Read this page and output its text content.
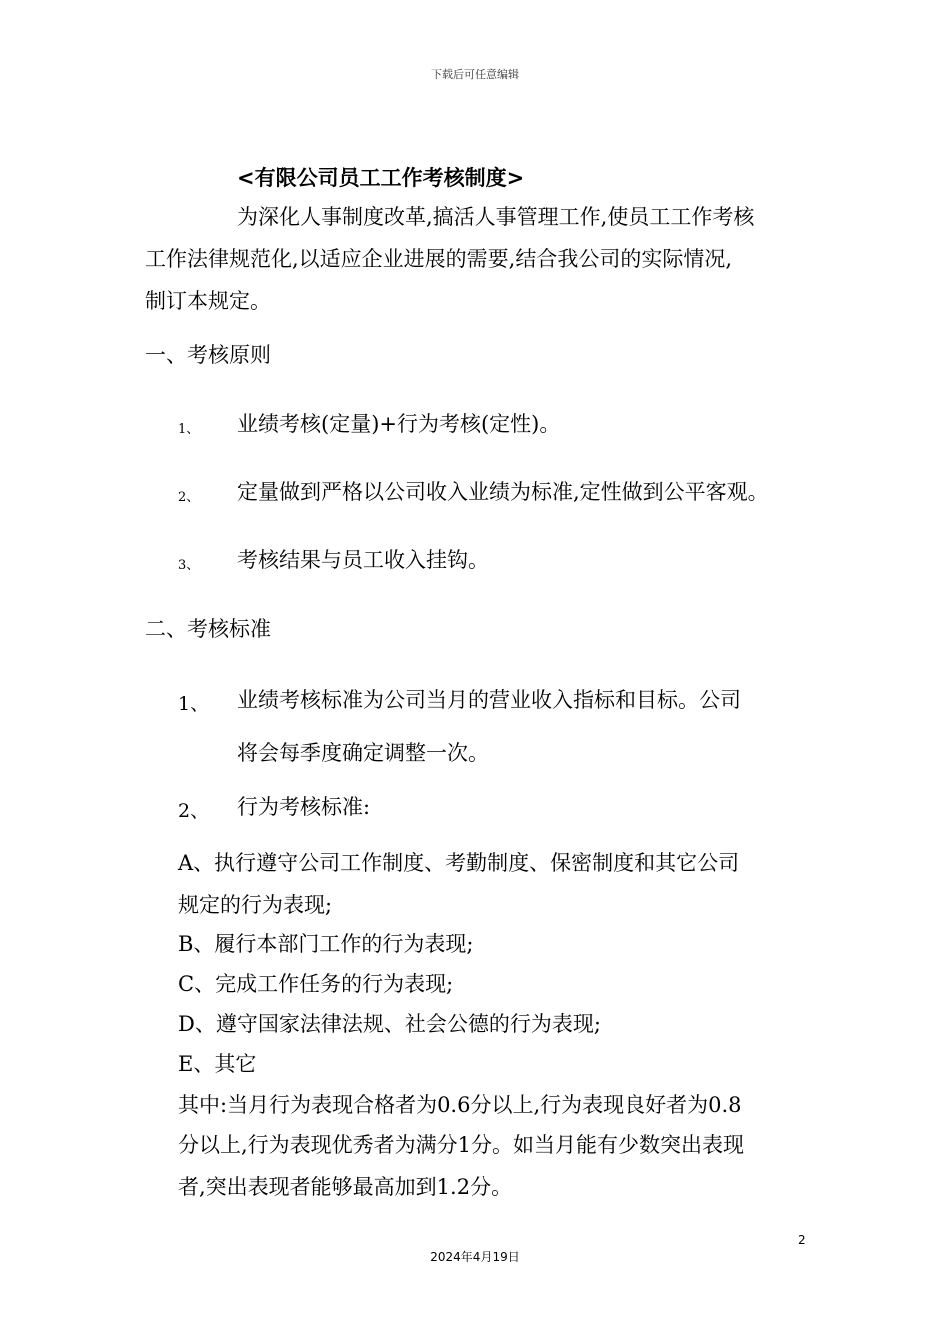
下载后可任意编辑
<有限公司员工工作考核制度>
为深化人事制度改革,搞活人事管理工作,使员工工作考核
工作法律规范化,以适应企业进展的需要,结合我公司的实际情况,
制订本规定。
一、考核原则
1、 业绩考核(定量)+行为考核(定性)。
2、 定量做到严格以公司收入业绩为标准,定性做到公平客观。
3、 考核结果与员工收入挂钩。
二、考核标准
1、 业绩考核标准为公司当月的营业收入指标和目标。公司
将会每季度确定调整一次。
2、 行为考核标准:
A、执行遵守公司工作制度、考勤制度、保密制度和其它公司
规定的行为表现;
B、履行本部门工作的行为表现;
C、完成工作任务的行为表现;
D、遵守国家法律法规、社会公德的行为表现;
E、其它
其中:当月行为表现合格者为0.6分以上,行为表现良好者为0.8
分以上,行为表现优秀者为满分1分。如当月能有少数突出表现
者,突出表现者能够最高加到1.2分。
2
2024年4月19日
